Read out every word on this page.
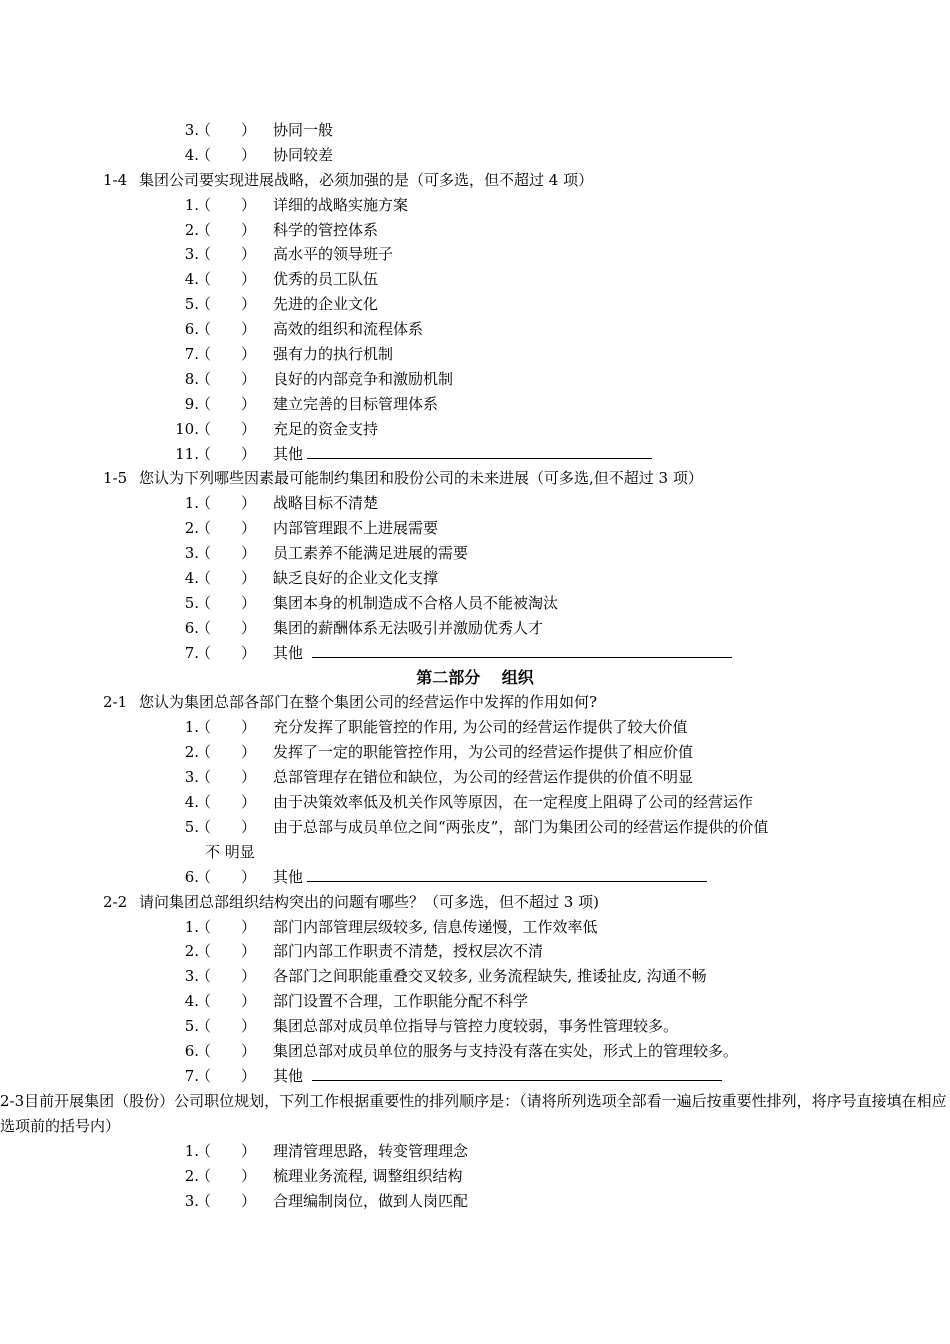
3.
（　　） 协同一般
4.
（　　） 协同较差
1-4 集团公司要实现进展战略，必须加强的是（可多选，但不超过 4 项）
1.
（　　） 详细的战略实施方案
2.
（　　） 科学的管控体系
3.
（　　） 高水平的领导班子
4.
（　　） 优秀的员工队伍
5.
（　　） 先进的企业文化
6.
（　　） 高效的组织和流程体系
7.
（　　） 强有力的执行机制
8.
（　　） 良好的内部竞争和激励机制
9.
（　　） 建立完善的目标管理体系
10.
（　　） 充足的资金支持
11.
（　　） 其他
1-5 您认为下列哪些因素最可能制约集团和股份公司的未来进展（可多选,但不超过 3 项）
1.
（　　） 战略目标不清楚
2.
（　　） 内部管理跟不上进展需要
3.
（　　） 员工素养不能满足进展的需要
4.
（　　） 缺乏良好的企业文化支撑
5.
（　　） 集团本身的机制造成不合格人员不能被淘汰
6.
（　　） 集团的薪酬体系无法吸引并激励优秀人才
7.
（　　） 其他
第二部分　 组织
2-1 您认为集团总部各部门在整个集团公司的经营运作中发挥的作用如何?
1.
（　　） 充分发挥了职能管控的作用, 为公司的经营运作提供了较大价值
2.
（　　） 发挥了一定的职能管控作用，为公司的经营运作提供了相应价值
3.
（　　） 总部管理存在错位和缺位，为公司的经营运作提供的价值不明显
4.
（　　） 由于决策效率低及机关作风等原因，在一定程度上阻碍了公司的经营运作
5.
（　　） 由于总部与成员单位之间“两张皮”，部门为集团公司的经营运作提供的价值
不 明显
6.
（　　） 其他
2-2 请问集团总部组织结构突出的问题有哪些？（可多选，但不超过 3 项)
1.
（　　） 部门内部管理层级较多, 信息传递慢，工作效率低
2.
（　　） 部门内部工作职责不清楚，授权层次不清
3.
（　　） 各部门之间职能重叠交叉较多, 业务流程缺失, 推诿扯皮, 沟通不畅
4.
（　　） 部门设置不合理，工作职能分配不科学
5.
（　　） 集团总部对成员单位指导与管控力度较弱，事务性管理较多。
6.
（　　） 集团总部对成员单位的服务与支持没有落在实处，形式上的管理较多。
7.
（　　） 其他
2-3目前开展集团（股份）公司职位规划，下列工作根据重要性的排列顺序是：（请将所列选项全部看一遍后按重要性排列，将序号直接填在相应选项前的括号内）
1.
（　　） 理清管理思路，转变管理理念
2.
（　　） 梳理业务流程, 调整组织结构
3.
（　　） 合理编制岗位，做到人岗匹配
